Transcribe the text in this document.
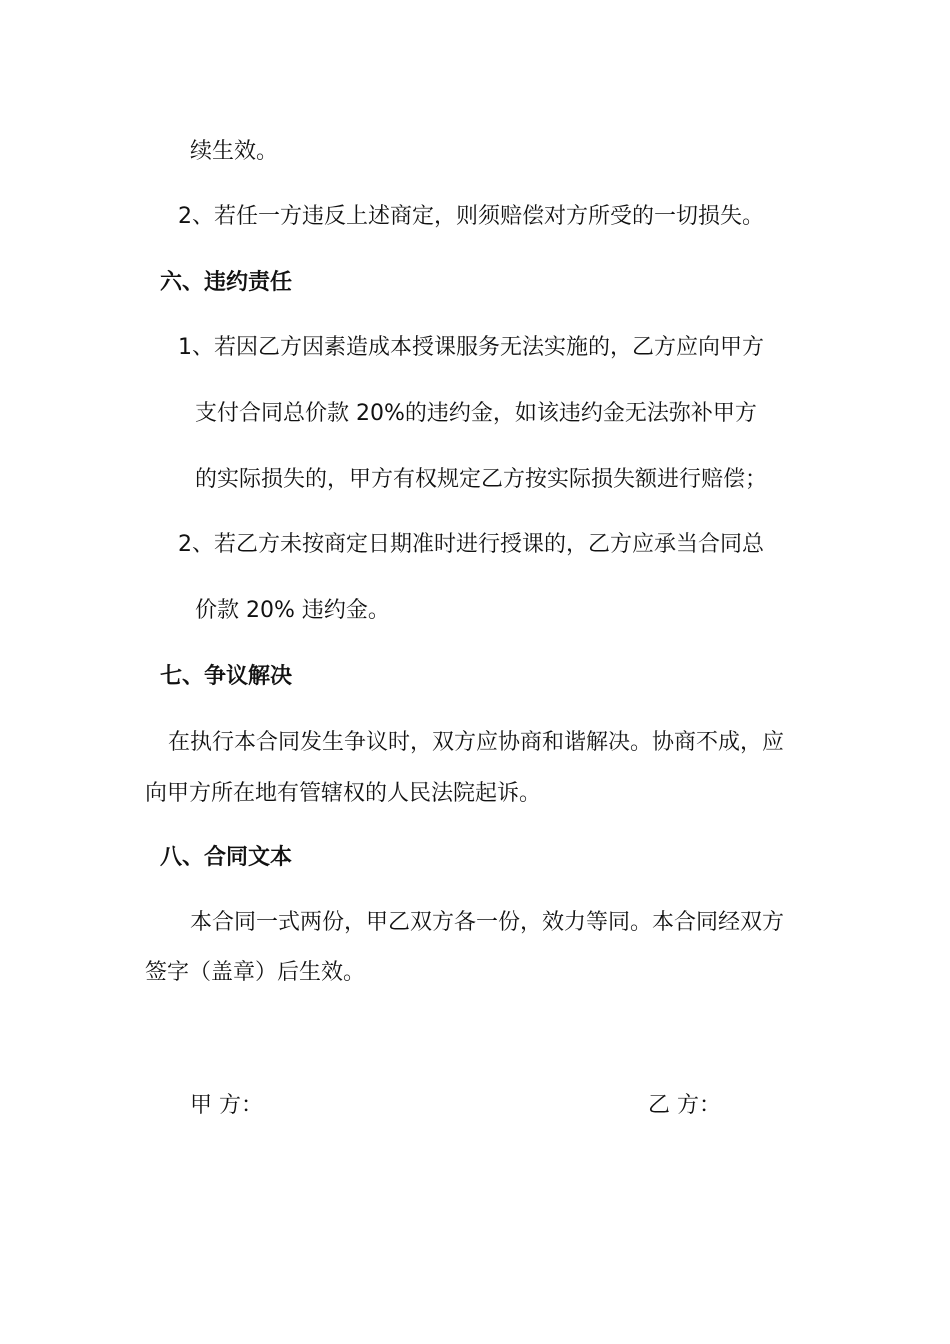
续生效。
2、若任一方违反上述商定，则须赔偿对方所受的一切损失。
六、违约责任
1、若因乙方因素造成本授课服务无法实施的，乙方应向甲方
支付合同总价款 20%的违约金，如该违约金无法弥补甲方
的实际损失的，甲方有权规定乙方按实际损失额进行赔偿；
2、若乙方未按商定日期准时进行授课的，乙方应承当合同总
价款 20% 违约金。
七、争议解决
在执行本合同发生争议时，双方应协商和谐解决。协商不成，应
向甲方所在地有管辖权的人民法院起诉。
八、合同文本
本合同一式两份，甲乙双方各一份，效力等同。本合同经双方
签字（盖章）后生效。
甲 方：	乙 方：
